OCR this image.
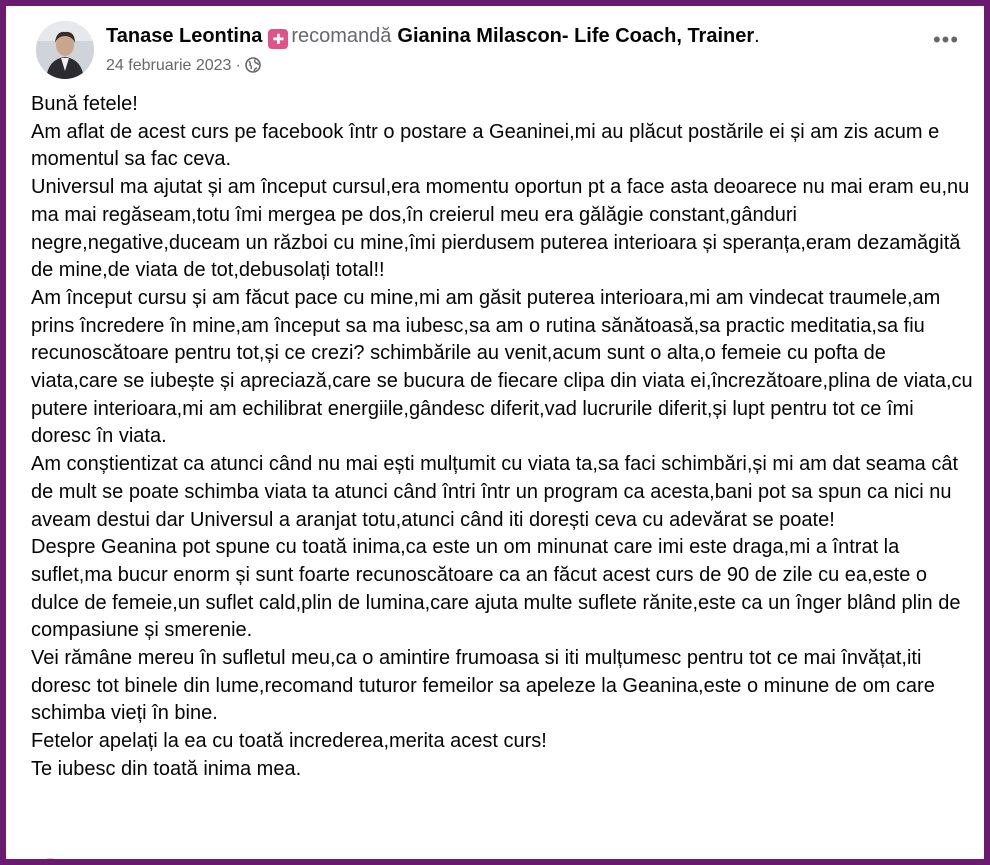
Tanase Leontina ✚ recomandă Gianina Milascon- Life Coach, Trainer.
24 februarie 2023 ·
•••

Bună fetele!

Am aflat de acest curs pe facebook într o postare a Geaninei,mi au plăcut postările ei și am zis acum e momentul sa fac ceva.

Universul ma ajutat și am început cursul,era momentu oportun pt a face asta deoarece nu mai eram eu,nu ma mai regăseam,totu îmi mergea pe dos,în creierul meu era gălăgie constant,gânduri negre,negative,duceam un război cu mine,îmi pierdusem puterea interioara și speranța,eram dezamăgită de mine,de viata de tot,debusolați total!!

Am început cursu și am făcut pace cu mine,mi am găsit puterea interioara,mi am vindecat traumele,am prins încredere în mine,am început sa ma iubesc,sa am o rutina sănătoasă,sa practic meditatia,sa fiu recunoscătoare pentru tot,și ce crezi? schimbările au venit,acum sunt o alta,o femeie cu pofta de viata,care se iubește și apreciază,care se bucura de fiecare clipa din viata ei,încrezătoare,plina de viata,cu putere interioara,mi am echilibrat energiile,gândesc diferit,vad lucrurile diferit,și lupt pentru tot ce îmi doresc în viata.

Am conștientizat ca atunci când nu mai ești mulțumit cu viata ta,sa faci schimbări,și mi am dat seama cât de mult se poate schimba viata ta atunci când întri într un program ca acesta,bani pot sa spun ca nici nu aveam destui dar Universul a aranjat totu,atunci când iti dorești ceva cu adevărat se poate!

Despre Geanina pot spune cu toată inima,ca este un om minunat care imi este draga,mi a întrat la suflet,ma bucur enorm și sunt foarte recunoscătoare ca an făcut acest curs de 90 de zile cu ea,este o dulce de femeie,un suflet cald,plin de lumina,care ajuta multe suflete rănite,este ca un înger blând plin de compasiune și smerenie.

Vei rămâne mereu în sufletul meu,ca o amintire frumoasa si iti mulțumesc pentru tot ce mai învățat,iti doresc tot binele din lume,recomand tuturor femeilor sa apeleze la Geanina,este o minune de om care schimba vieți în bine.

Fetelor apelați la ea cu toată increderea,merita acest curs!

Te iubesc din toată inima mea.
